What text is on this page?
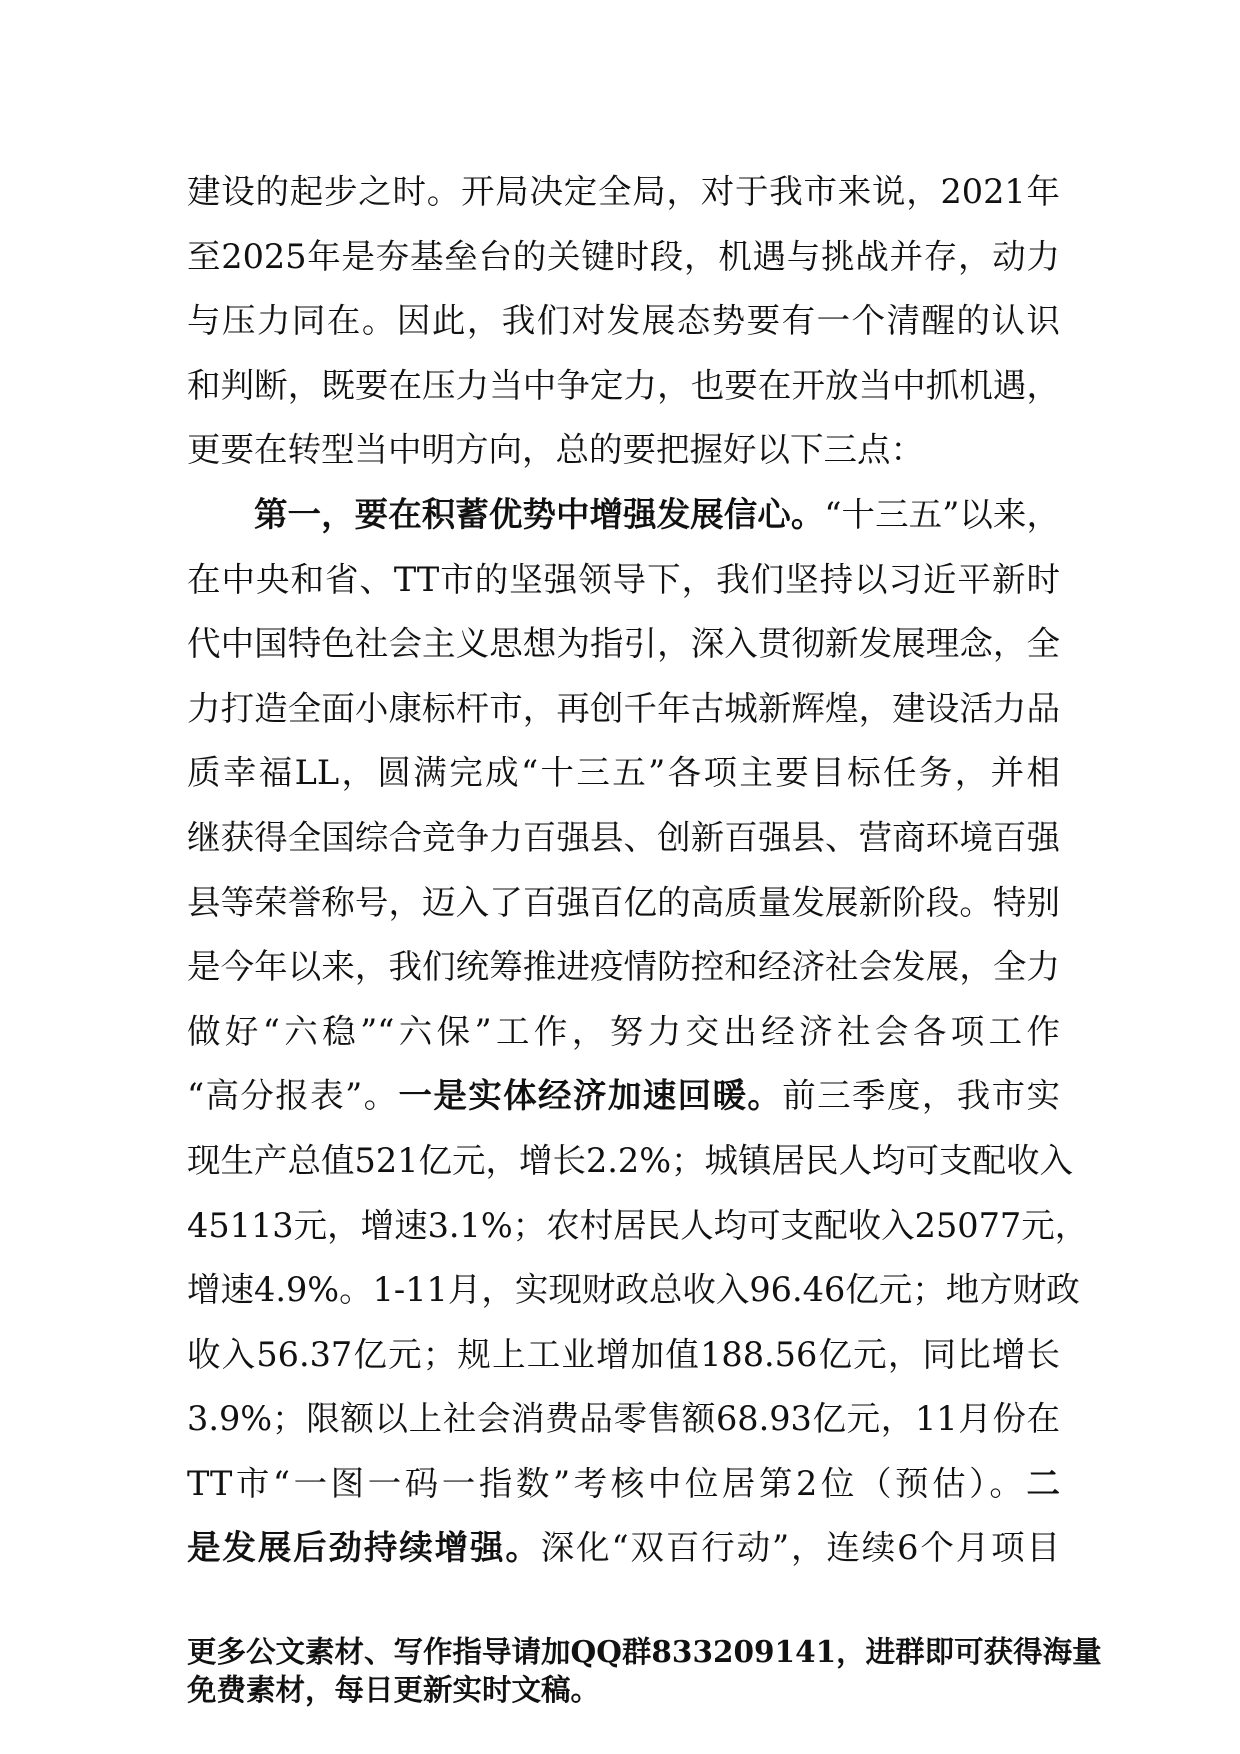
建设的起步之时。开局决定全局，对于我市来说，2021年
至2025年是夯基垒台的关键时段，机遇与挑战并存，动力
与压力同在。因此，我们对发展态势要有一个清醒的认识
和判断，既要在压力当中争定力，也要在开放当中抓机遇，
更要在转型当中明方向，总的要把握好以下三点：
第一，要在积蓄优势中增强发展信心。“十三五”以来，
在中央和省、TT市的坚强领导下，我们坚持以习近平新时
代中国特色社会主义思想为指引，深入贯彻新发展理念，全
力打造全面小康标杆市，再创千年古城新辉煌，建设活力品
质幸福LL，圆满完成“十三五”各项主要目标任务，并相
继获得全国综合竞争力百强县、创新百强县、营商环境百强
县等荣誉称号，迈入了百强百亿的高质量发展新阶段。特别
是今年以来，我们统筹推进疫情防控和经济社会发展，全力
做好“六稳”“六保”工作，努力交出经济社会各项工作
“高分报表”。一是实体经济加速回暖。前三季度，我市实
现生产总值521亿元，增长2.2%；城镇居民人均可支配收入
45113元，增速3.1%；农村居民人均可支配收入25077元，
增速4.9%。1-11月，实现财政总收入96.46亿元；地方财政
收入56.37亿元；规上工业增加值188.56亿元，同比增长
3.9%；限额以上社会消费品零售额68.93亿元，11月份在
TT市“一图一码一指数”考核中位居第2位（预估）。二
是发展后劲持续增强。深化“双百行动”，连续6个月项目
更多公文素材、写作指导请加QQ群833209141，进群即可获得海量
免费素材，每日更新实时文稿。
